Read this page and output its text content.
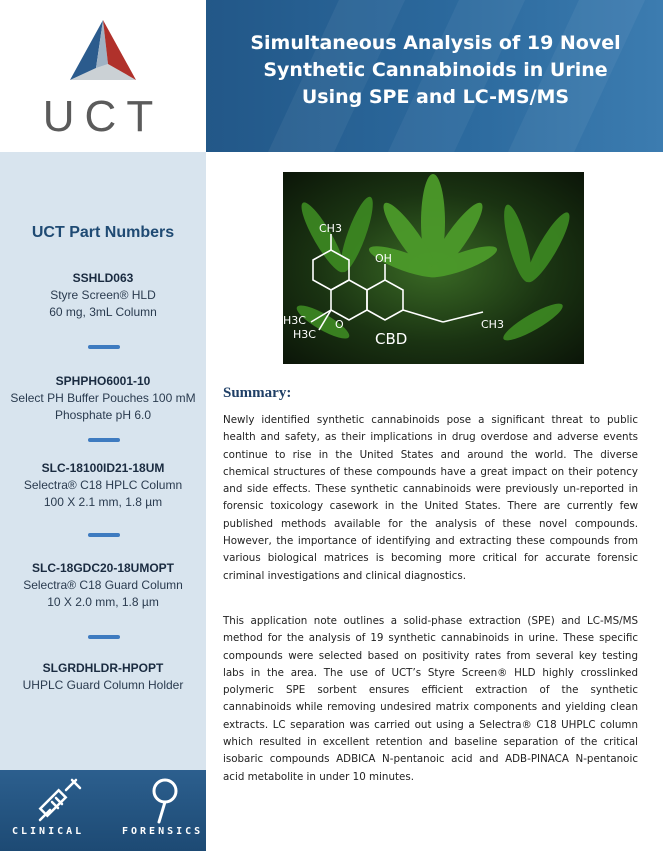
UCT
Simultaneous Analysis of 19 Novel
Synthetic Cannabinoids in Urine
Using SPE and LC-MS/MS
UCT Part Numbers
SSHLD063
Styre Screen® HLD
60 mg, 3mL Column
SPHPHO6001-10
Select PH Buffer Pouches 100 mM
Phosphate pH 6.0
SLC-18100ID21-18UM
Selectra® C18 HPLC Column
100 X 2.1 mm, 1.8 µm
SLC-18GDC20-18UMOPT
Selectra® C18 Guard Column
10 X 2.0 mm, 1.8 µm
SLGRDHLDR-HPOPT
UHPLC Guard Column Holder
CLINICAL	FORENSICS
CH3
OH
H3C
H3C
O	CH3
CBD
Summary:
Newly identified synthetic cannabinoids pose a significant threat to public health and safety, as their implications in drug overdose and adverse events continue to rise in the United States and around the world. The diverse chemical structures of these compounds have a great impact on their potency and side effects. These synthetic cannabinoids were previously un-reported in forensic toxicology casework in the United States. There are currently few published methods available for the analysis of these novel compounds. However, the importance of identifying and extracting these compounds from various biological matrices is becoming more critical for accurate forensic criminal investigations and clinical diagnostics.
This application note outlines a solid-phase extraction (SPE) and LC-MS/MS method for the analysis of 19 synthetic cannabinoids in urine. These specific compounds were selected based on positivity rates from several key testing labs in the area. The use of UCT’s Styre Screen® HLD highly crosslinked polymeric SPE sorbent ensures efficient extraction of the synthetic cannabinoids while removing undesired matrix components and yielding clean extracts. LC separation was carried out using a Selectra® C18 UHPLC column which resulted in excellent retention and baseline separation of the critical isobaric compounds ADBICA N-pentanoic acid and ADB-PINACA N-pentanoic acid metabolite in under 10 minutes.
